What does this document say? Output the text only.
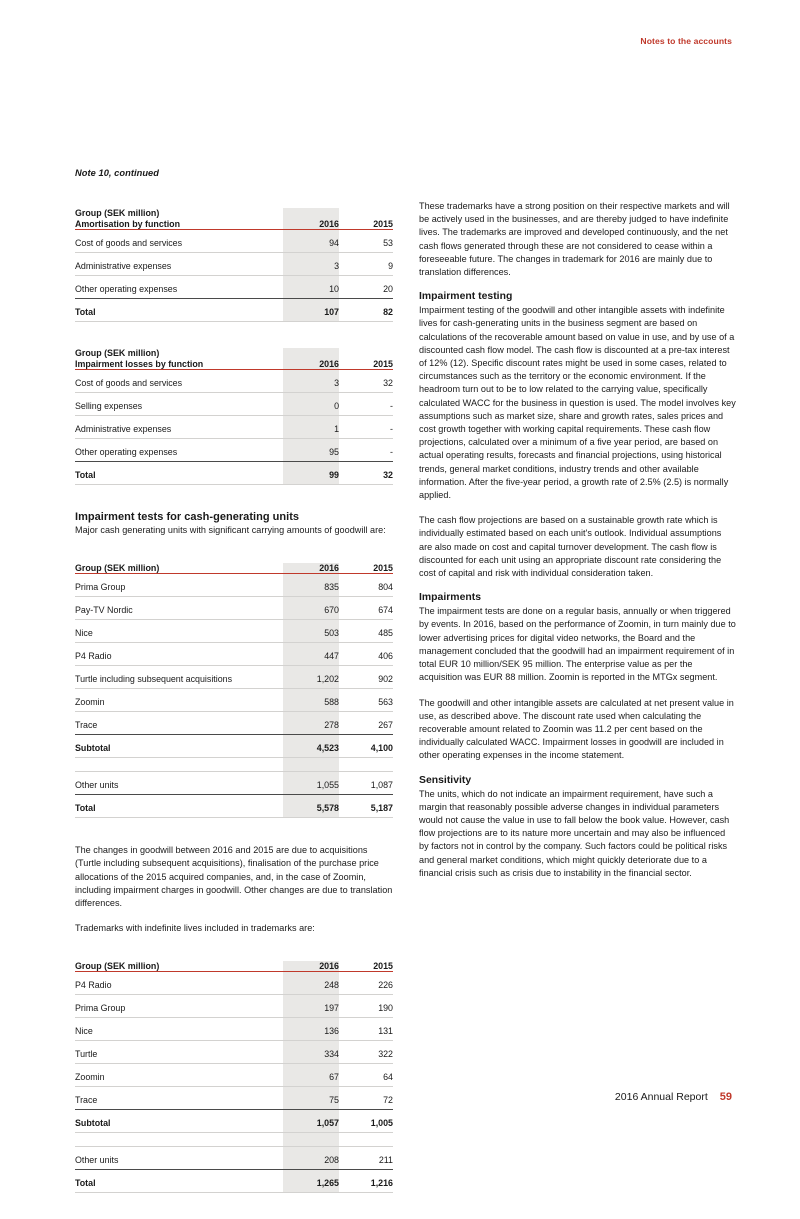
Notes to the accounts
Note 10, continued
Group (SEK million)		
Amortisation by function	2016	2015
Cost of goods and services	94	53
Administrative expenses	3	9
Other operating expenses	10	20
Total	107	82
Group (SEK million)		
Impairment losses by function	2016	2015
Cost of goods and services	3	32
Selling expenses	0	-
Administrative expenses	1	-
Other operating expenses	95	-
Total	99	32
Impairment tests for cash-generating units

Major cash generating units with significant carrying amounts of goodwill are:

Group (SEK million)	2016	2015
Prima Group	835	804
Pay-TV Nordic	670	674
Nice	503	485
P4 Radio	447	406
Turtle including subsequent acquisitions	1,202	902
Zoomin	588	563
Trace	278	267
Subtotal	4,523	4,100

Other units	1,055	1,087
Total	5,578	5,187

The changes in goodwill between 2016 and 2015 are due to acquisitions (Turtle including subsequent acquisitions), finalisation of the purchase price allocations of the 2015 acquired companies, and, in the case of Zoomin, including impairment charges in goodwill. Other changes are due to translation differences.

Trademarks with indefinite lives included in trademarks are:

Group (SEK million)	2016	2015
P4 Radio	248	226
Prima Group	197	190
Nice	136	131
Turtle	334	322
Zoomin	67	64
Trace	75	72
Subtotal	1,057	1,005

Other units	208	211
Total	1,265	1,216

These trademarks have a strong position on their respective markets and will be actively used in the businesses, and are thereby judged to have indefinite lives. The trademarks are improved and developed continuously, and the net cash flows generated through these are not considered to cease within a foreseeable future. The changes in trademark for 2016 are mainly due to translation differences.

Impairment testing

Impairment testing of the goodwill and other intangible assets with indefinite lives for cash-generating units in the business segment are based on calculations of the recoverable amount based on value in use, and by use of a discounted cash flow model. The cash flow is discounted at a pre-tax interest of 12% (12). Specific discount rates might be used in some cases, related to circumstances such as the territory or the economic environment. If the headroom turn out to be to low related to the carrying value, specifically calculated WACC for the business in question is used. The model involves key assumptions such as market size, share and growth rates, sales prices and cost growth together with working capital requirements. These cash flow projections, calculated over a minimum of a five year period, are based on actual operating results, forecasts and financial projections, using historical trends, general market conditions, industry trends and other available information. After the five-year period, a growth rate of 2.5% (2.5) is normally applied.

The cash flow projections are based on a sustainable growth rate which is individually estimated based on each unit's outlook. Individual assumptions are also made on cost and capital turnover development. The cash flow is discounted for each unit using an appropriate discount rate considering the cost of capital and risk with individual consideration taken.

Impairments

The impairment tests are done on a regular basis, annually or when triggered by events. In 2016, based on the performance of Zoomin, in turn mainly due to lower advertising prices for digital video networks, the Board and the management concluded that the goodwill had an impairment requirement of in total EUR 10 million/SEK 95 million. The enterprise value as per the acquisition was EUR 88 million. Zoomin is reported in the MTGx segment.

The goodwill and other intangible assets are calculated at net present value in use, as described above. The discount rate used when calculating the recoverable amount related to Zoomin was 11.2 per cent based on the individually calculated WACC. Impairment losses in goodwill are included in other operating expenses in the income statement.

Sensitivity

The units, which do not indicate an impairment requirement, have such a margin that reasonably possible adverse changes in individual parameters would not cause the value in use to fall below the book value. However, cash flow projections are to its nature more uncertain and may also be influenced by factors not in control by the company. Such factors could be political risks and general market conditions, which might quickly deteriorate due to a financial crisis such as crisis due to instability in the financial sector.

2016 Annual Report 59
